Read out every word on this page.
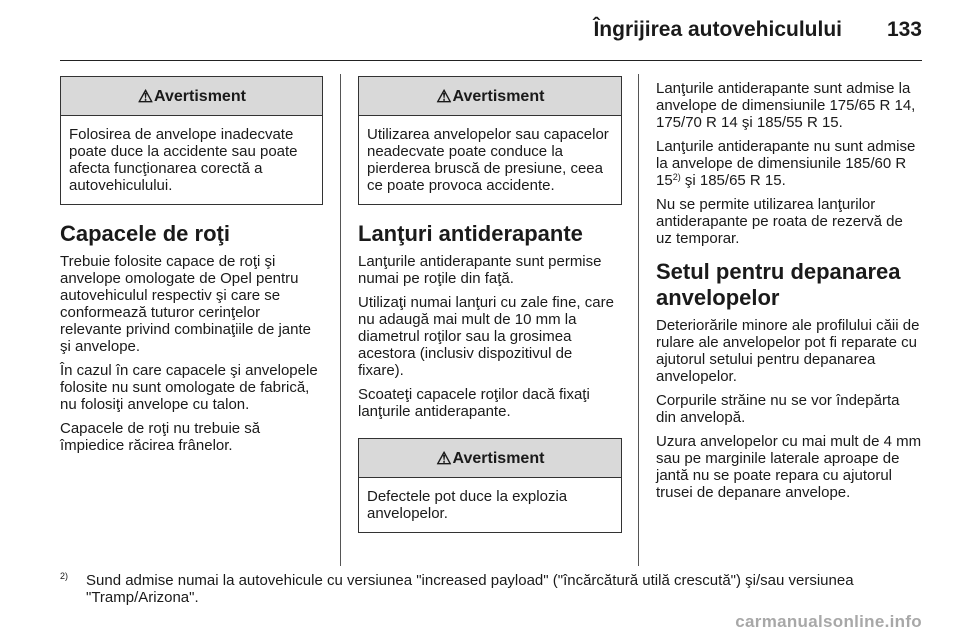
Îngrijirea autovehiculului 133
⚠Avertisment
Folosirea de anvelope inadecvate poate duce la accidente sau poate afecta funcţionarea corectă a autovehiculului.
Capacele de roţi

Trebuie folosite capace de roţi şi anvelope omologate de Opel pentru autovehiculul respectiv şi care se conformează tuturor cerinţelor relevante privind combinaţiile de jante şi anvelope.

În cazul în care capacele şi anvelopele folosite nu sunt omologate de fabrică, nu folosiţi anvelope cu talon.

Capacele de roţi nu trebuie să împiedice răcirea frânelor.

⚠Avertisment
Utilizarea anvelopelor sau capacelor neadecvate poate conduce la pierderea bruscă de presiune, ceea ce poate provoca accidente.
Lanţuri antiderapante

Lanţurile antiderapante sunt permise numai pe roţile din faţă.

Utilizaţi numai lanţuri cu zale fine, care nu adaugă mai mult de 10 mm la diametrul roţilor sau la grosimea acestora (inclusiv dispozitivul de fixare).

Scoateţi capacele roţilor dacă fixaţi lanţurile antiderapante.

⚠Avertisment
Defectele pot duce la explozia anvelopelor.

Lanţurile antiderapante sunt admise la anvelope de dimensiunile 175/65 R 14, 175/70 R 14 şi 185/55 R 15.

Lanţurile antiderapante nu sunt admise la anvelope de dimensiunile 185/60 R 15$^{2)}$ şi 185/65 R 15.

Nu se permite utilizarea lanţurilor antiderapante pe roata de rezervă de uz temporar.

Setul pentru depanarea anvelopelor

Deteriorările minore ale profilului căii de rulare ale anvelopelor pot fi reparate cu ajutorul setului pentru depanarea anvelopelor.

Corpurile străine nu se vor îndepărta din anvelopă.

Uzura anvelopelor cu mai mult de 4 mm sau pe marginile laterale aproape de jantă nu se poate repara cu ajutorul trusei de depanare anvelope.

2) Sund admise numai la autovehicule cu versiunea "increased payload" ("încărcătură utilă crescută") şi/sau versiunea "Tramp/Arizona".
carmanualsonline.info
